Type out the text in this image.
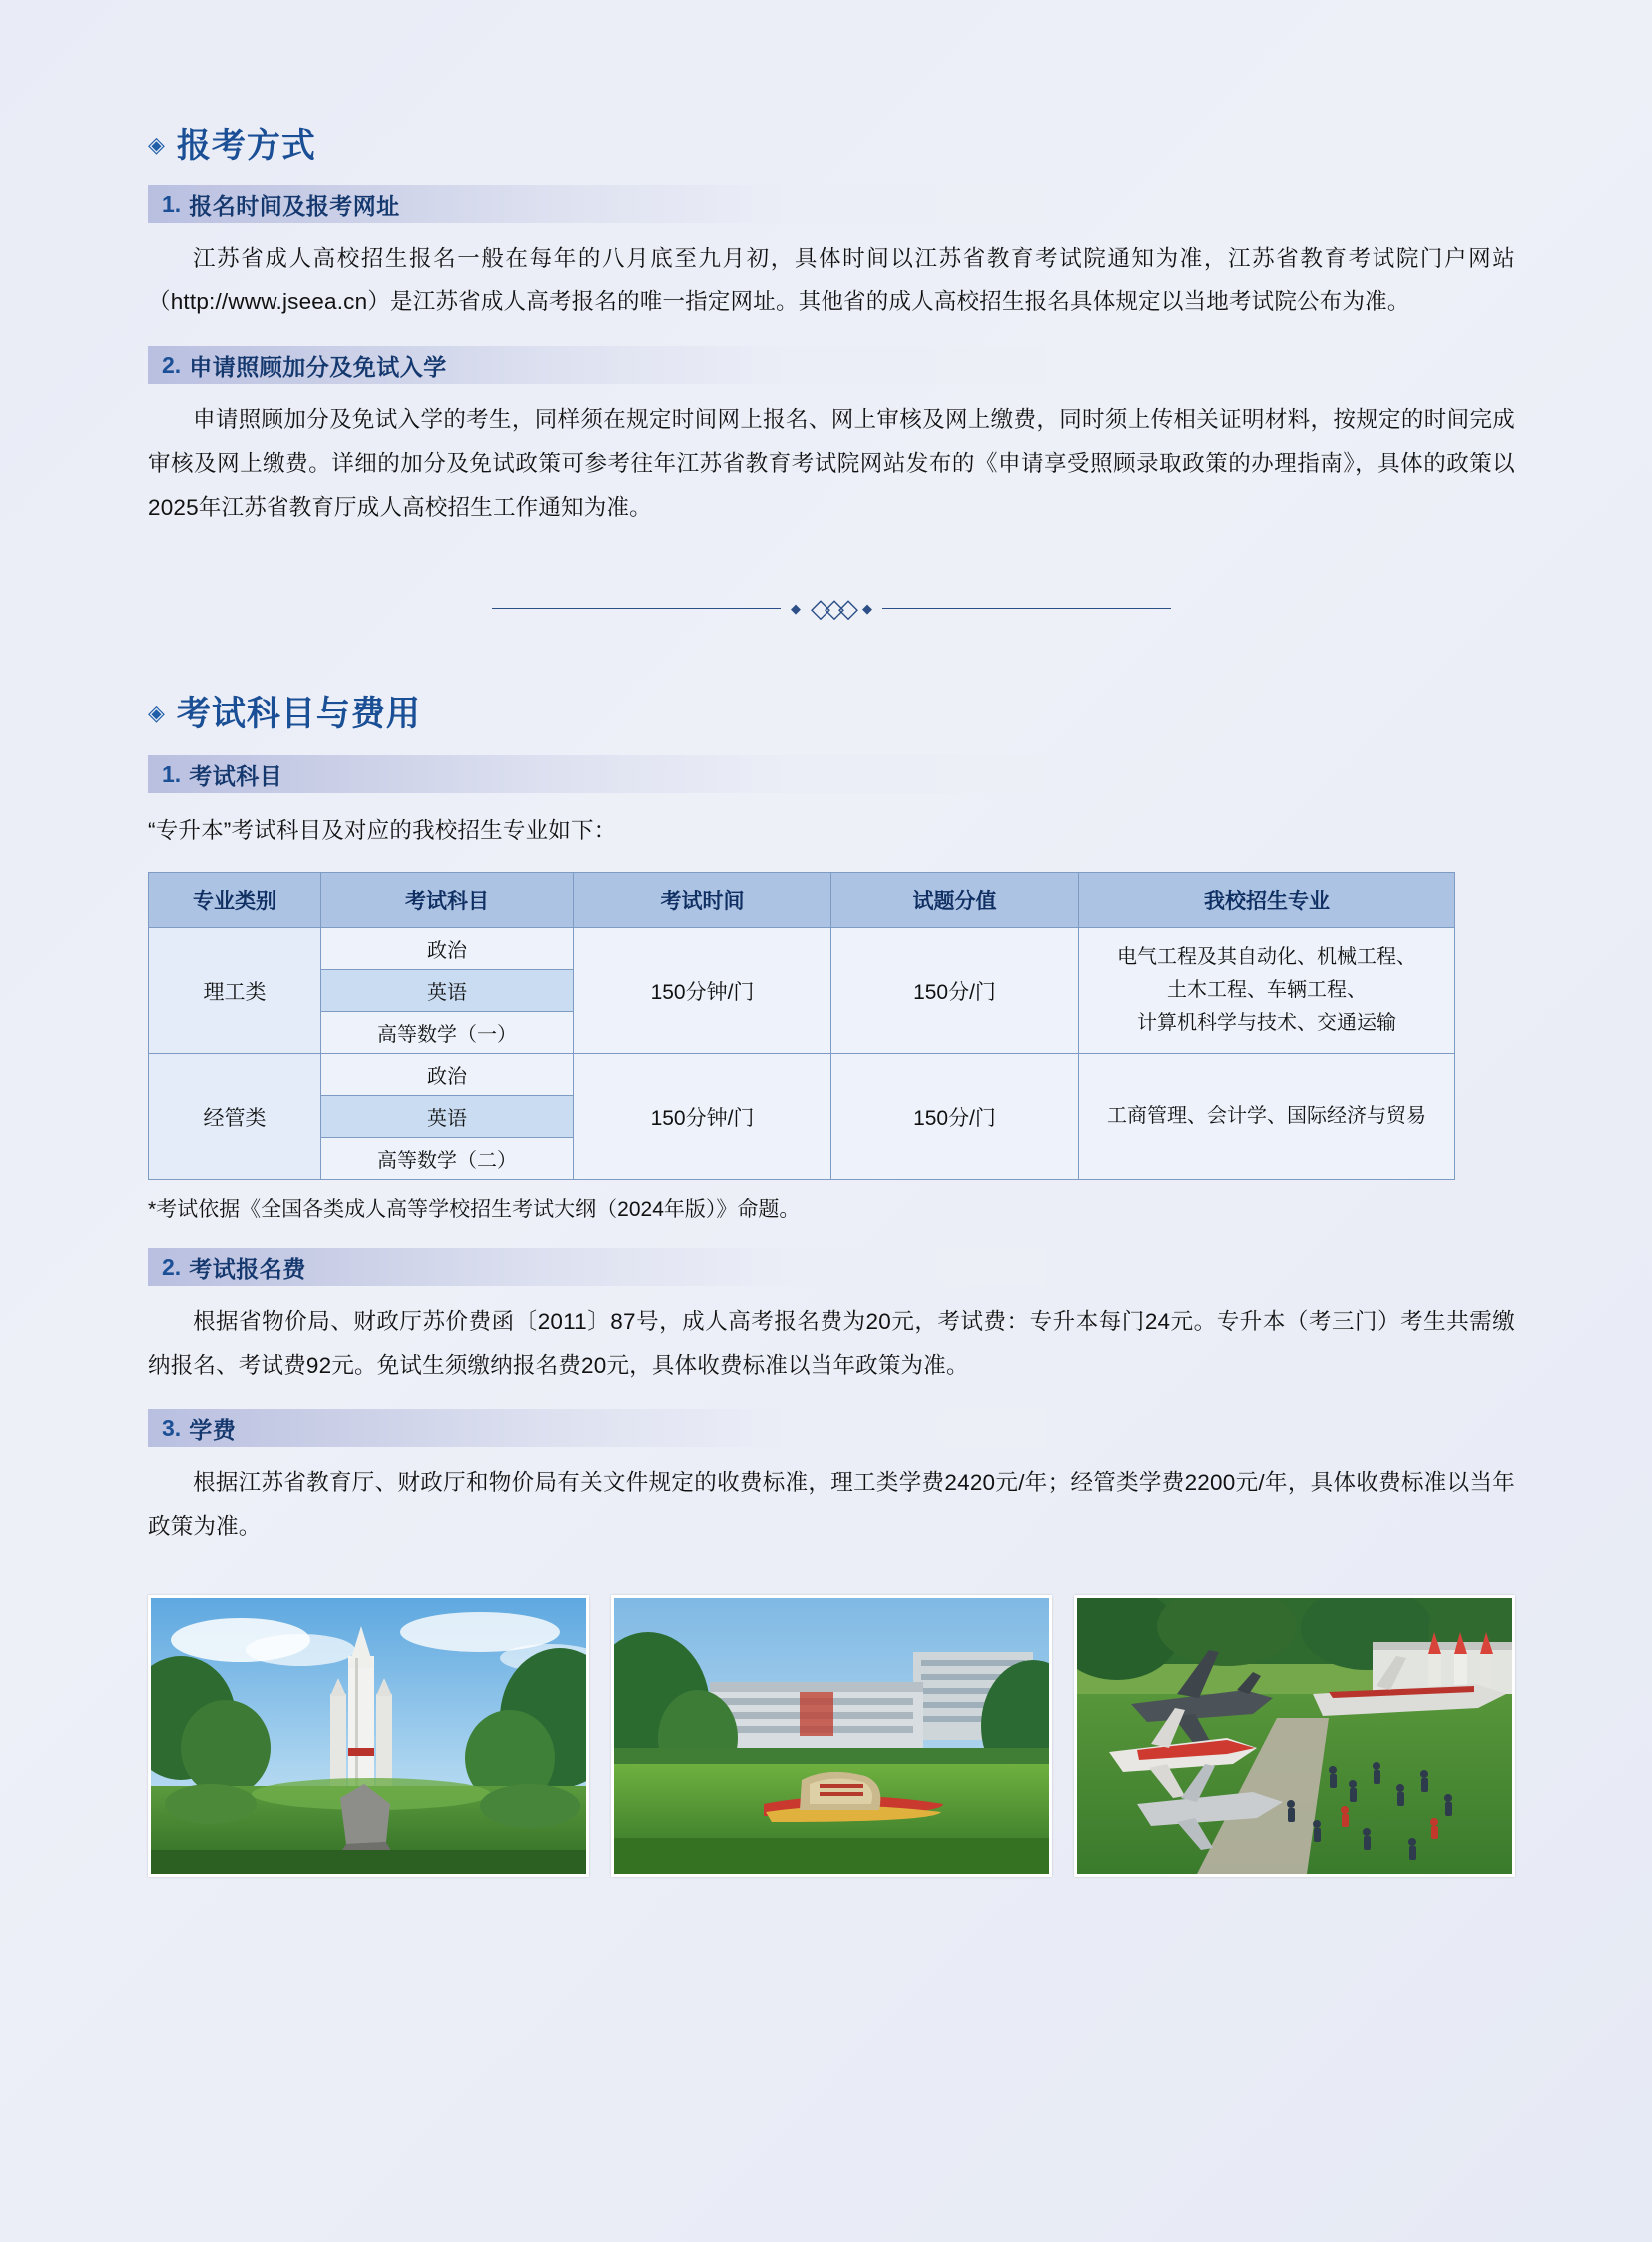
◈ 报考方式
1. 报名时间及报考网址

江苏省成人高校招生报名一般在每年的八月底至九月初，具体时间以江苏省教育考试院通知为准，江苏省教育考试院门户网站（http://www.jseea.cn）是江苏省成人高考报名的唯一指定网址。其他省的成人高校招生报名具体规定以当地考试院公布为准。

2. 申请照顾加分及免试入学

申请照顾加分及免试入学的考生，同样须在规定时间网上报名、网上审核及网上缴费，同时须上传相关证明材料，按规定的时间完成审核及网上缴费。详细的加分及免试政策可参考往年江苏省教育考试院网站发布的《申请享受照顾录取政策的办理指南》，具体的政策以2025年江苏省教育厅成人高校招生工作通知为准。

◆ ◇◇◇ ◆
◈ 考试科目与费用
1. 考试科目

“专升本”考试科目及对应的我校招生专业如下：

专业类别	考试科目	考试时间	试题分值	我校招生专业
理工类	政治	150分钟/门	150分/门	电气工程及其自动化、机械工程、
土木工程、车辆工程、
计算机科学与技术、交通运输

	英语			
	高等数学（一）			
经管类	政治	150分钟/门	150分/门	工商管理、会计学、国际经济与贸易
	英语			
	高等数学（二）			

*考试依据《全国各类成人高等学校招生考试大纲（2024年版）》命题。

2. 考试报名费

根据省物价局、财政厅苏价费函〔2011〕87号，成人高考报名费为20元，考试费：专升本每门24元。专升本（考三门）考生共需缴纳报名、考试费92元。免试生须缴纳报名费20元，具体收费标准以当年政策为准。

3. 学费

根据江苏省教育厅、财政厅和物价局有关文件规定的收费标准，理工类学费2420元/年；经管类学费2200元/年，具体收费标准以当年政策为准。
